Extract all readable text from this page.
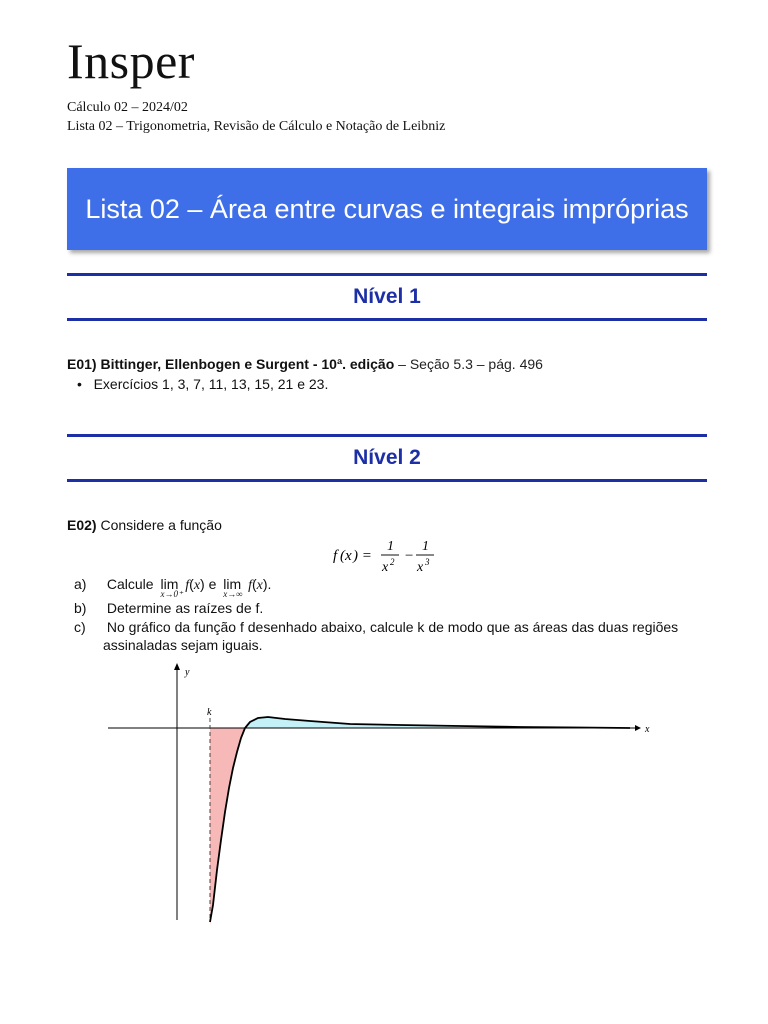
Insper
Cálculo 02 – 2024/02
Lista 02 – Trigonometria, Revisão de Cálculo e Notação de Leibniz
Lista 02 – Área entre curvas e integrais impróprias
Nível 1
E01) Bittinger, Ellenbogen e Surgent - 10ª. edição – Seção 5.3 – pág. 496
•   Exercícios 1, 3, 7, 11, 13, 15, 21 e 23.
Nível 2
E02) Considere a função
f ( x ) =
1
x 2 −
1
x 3
a) Calcule lim
x→0⁺
f(x) e lim
x→∞
f(x).
b) Determine as raízes de f.
c) No gráfico da função f desenhado abaixo, calcule k de modo que as áreas das duas regiões
assinaladas sejam iguais.
x
y
k
